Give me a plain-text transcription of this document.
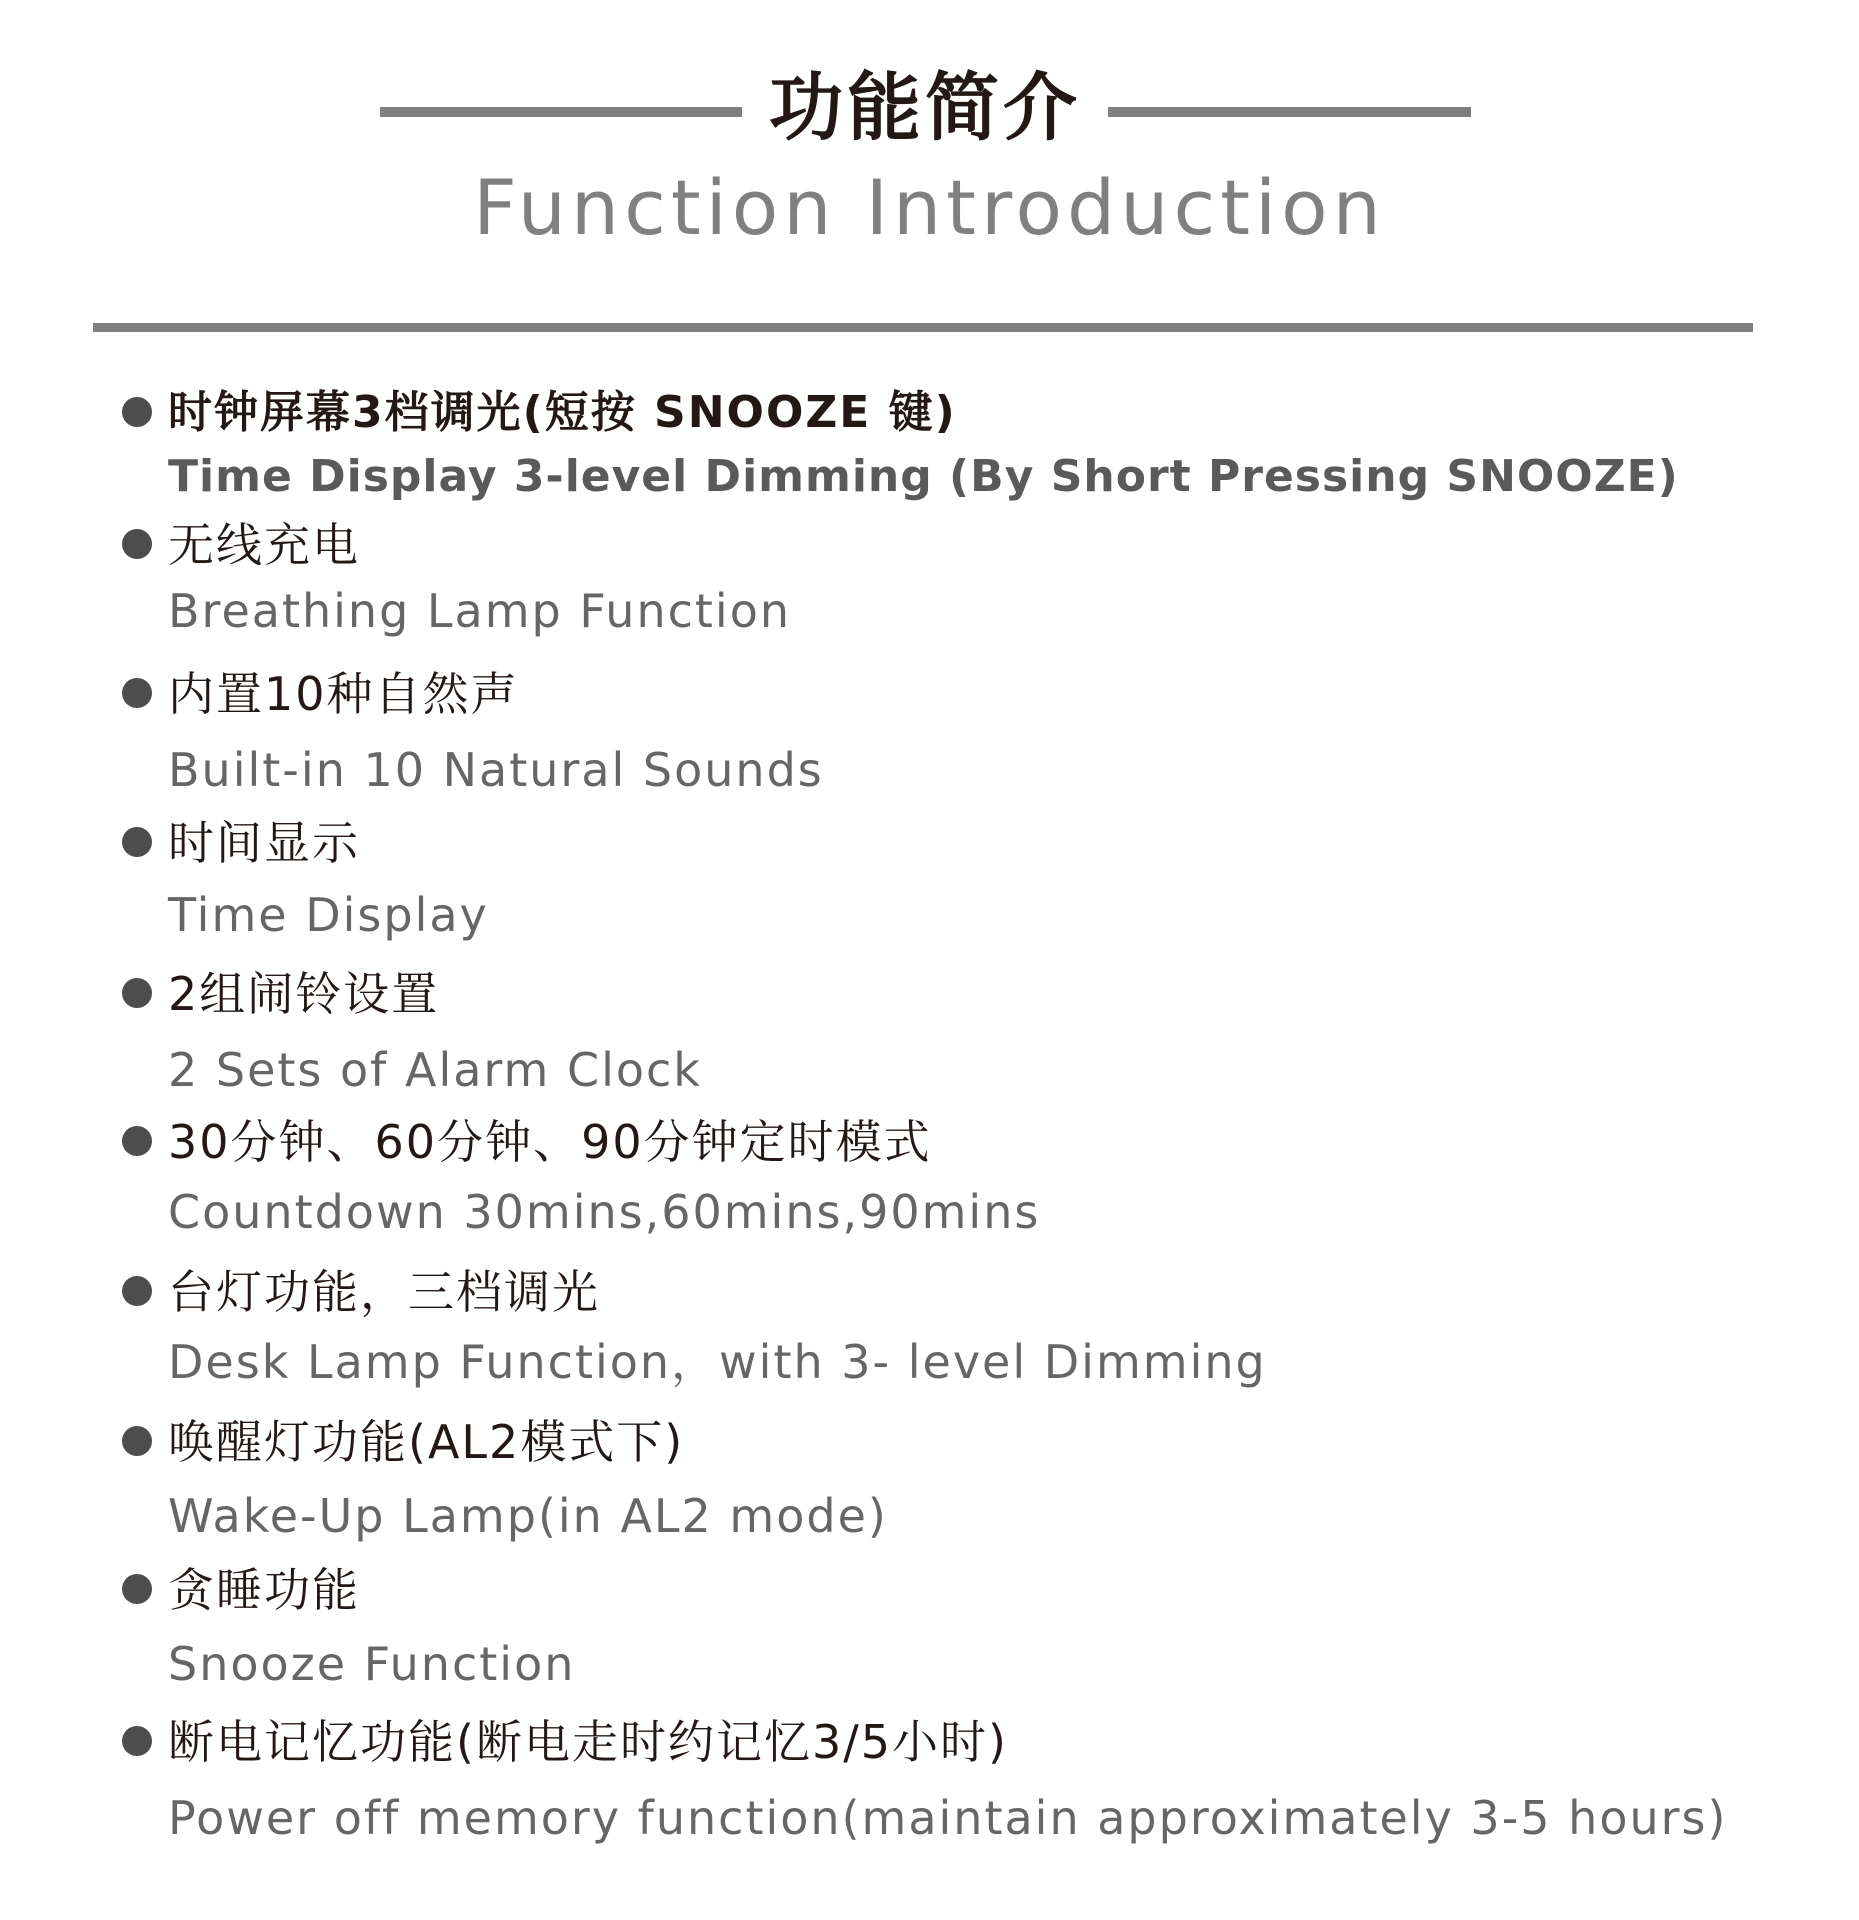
功能简介
Function Introduction
时钟屏幕3档调光(短按 SNOOZE 键)
Time Display 3-level Dimming (By Short Pressing SNOOZE)
无线充电
Breathing Lamp Function
内置10种自然声
Built-in 10 Natural Sounds
时间显示
Time Display
2组闹铃设置
2 Sets of Alarm Clock
30分钟、60分钟、90分钟定时模式
Countdown 30mins,60mins,90mins
台灯功能，三档调光
Desk Lamp Function，with 3- level Dimming
唤醒灯功能(AL2模式下)
Wake-Up Lamp(in AL2 mode)
贪睡功能
Snooze Function
断电记忆功能(断电走时约记忆3/5小时)
Power off memory function(maintain approximately 3-5 hours)
